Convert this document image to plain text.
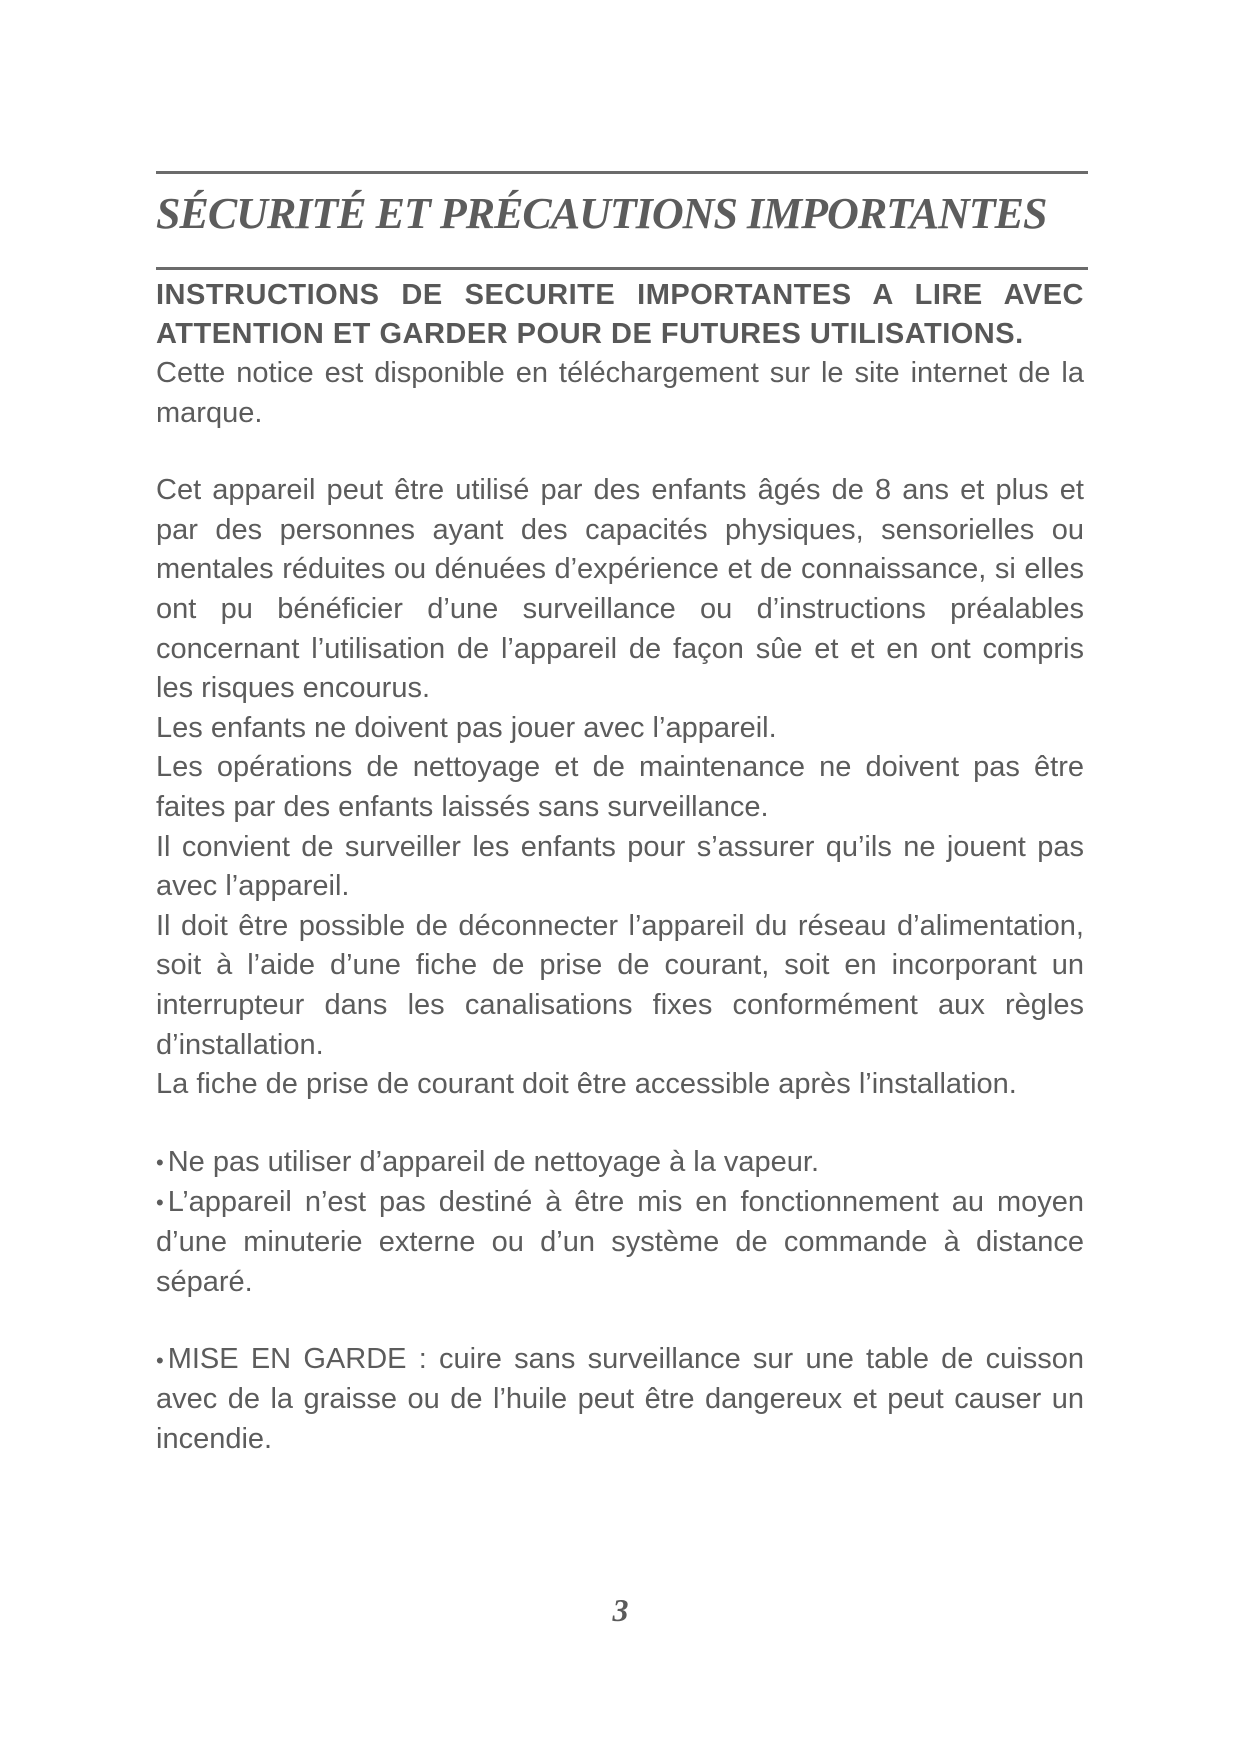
SÉCURITÉ ET PRÉCAUTIONS IMPORTANTES

INSTRUCTIONS DE SECURITE IMPORTANTES A LIRE AVEC ATTENTION ET GARDER POUR DE FUTURES UTILISATIONS.

Cette notice est disponible en téléchargement sur le site internet de la marque.

Cet appareil peut être utilisé par des enfants âgés de 8 ans et plus et par des personnes ayant des capacités physiques, sensorielles ou mentales réduites ou dénuées d’expérience et de connaissance, si elles ont pu bénéficier d’une surveillance ou d’instructions préalables concernant l’utilisation de l’appareil de façon sûe et et en ont compris les risques encourus.

Les enfants ne doivent pas jouer avec l’appareil.

Les opérations de nettoyage et de maintenance ne doivent pas être faites par des enfants laissés sans surveillance.

Il convient de surveiller les enfants pour s’assurer qu’ils ne jouent pas avec l’appareil.

Il doit être possible de déconnecter l’appareil du réseau d’alimentation, soit à l’aide d’une fiche de prise de courant, soit en incorporant un interrupteur dans les canalisations fixes conformément aux règles d’installation.

La fiche de prise de courant doit être accessible après l’installation.

• Ne pas utiliser d’appareil de nettoyage à la vapeur.

• L’appareil n’est pas destiné à être mis en fonctionnement au moyen d’une minuterie externe ou d’un système de commande à distance séparé.

• MISE EN GARDE : cuire sans surveillance sur une table de cuisson avec de la graisse ou de l’huile peut être dangereux et peut causer un incendie.

3
